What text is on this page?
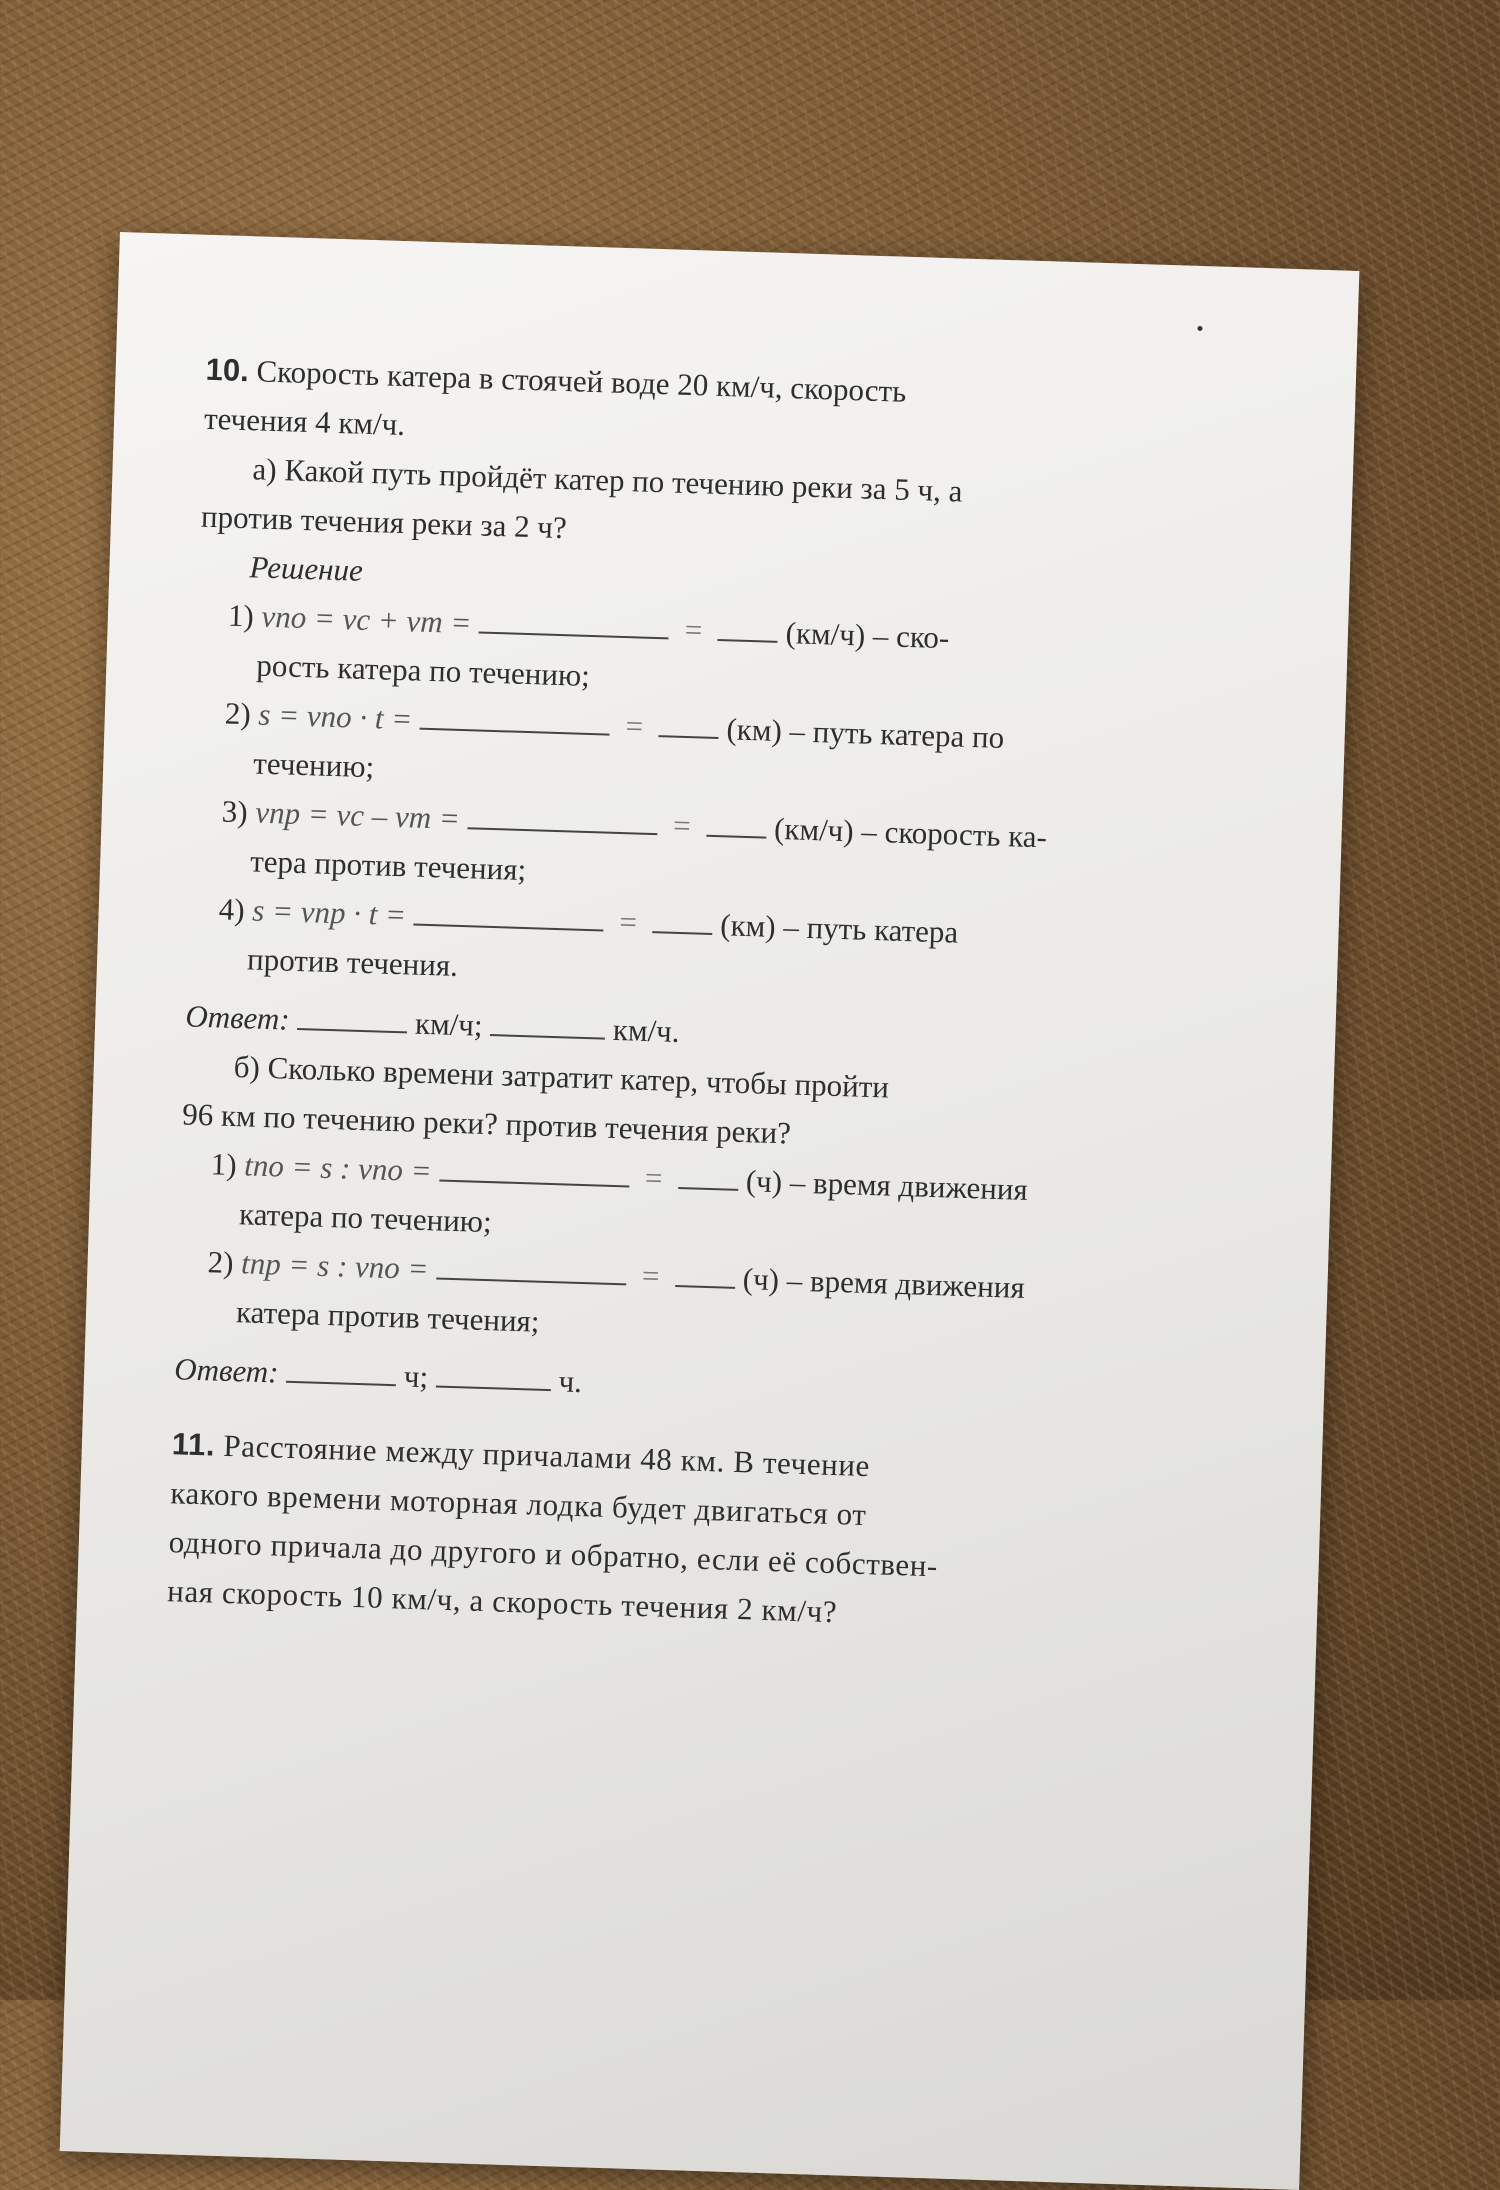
10. Скорость катера в стоячей воде 20 км/ч, скорость
течения 4 км/ч.
а) Какой путь пройдёт катер по течению реки за 5 ч, а
против течения реки за 2 ч?
Решение
1) vпо = vс + vт =	=	(км/ч) – ско-
рость катера по течению;
2) s = vпо · t =	=	(км) – путь катера по
течению;
3) vпр = vс – vт =	=	(км/ч) – скорость ка-
тера против течения;
4) s = vпр · t =	=	(км) – путь катера
против течения.
Ответ:	км/ч;	км/ч.
б) Сколько времени затратит катер, чтобы пройти
96 км по течению реки? против течения реки?
1) tпо = s : vпо =	=	(ч) – время движения
катера по течению;
2) tпр = s : vпо =	=	(ч) – время движения
катера против течения;
Ответ:	ч;	ч.
11. Расстояние между причалами 48 км. В течение
какого времени моторная лодка будет двигаться от
одного причала до другого и обратно, если её собствен-
ная скорость 10 км/ч, а скорость течения 2 км/ч?
